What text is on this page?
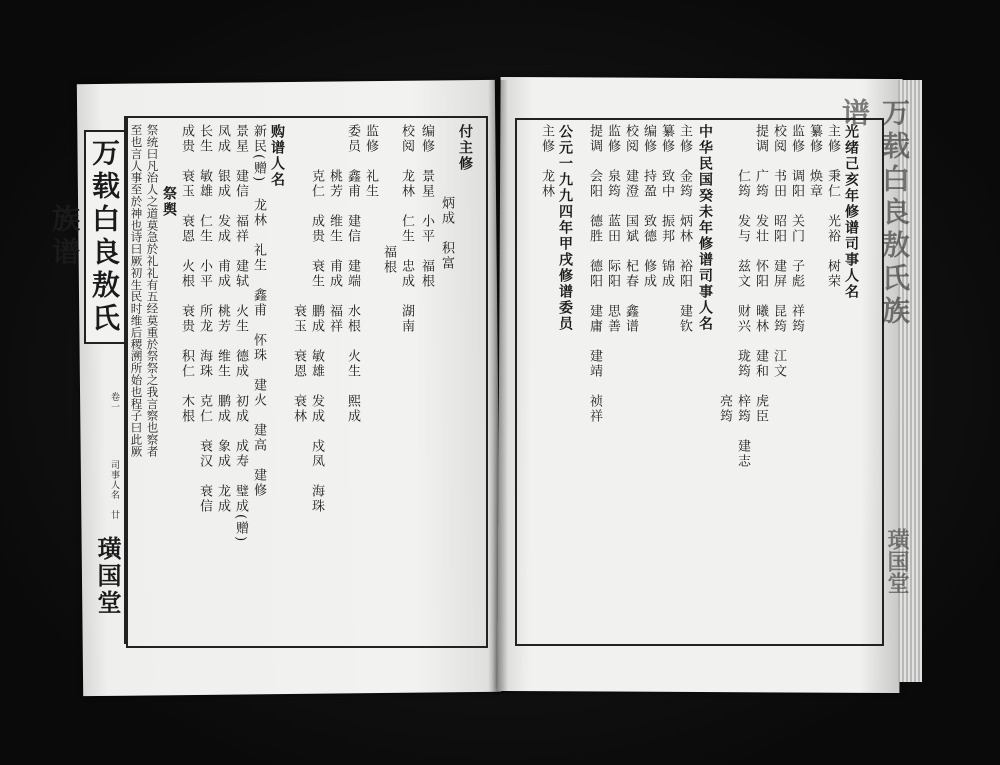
万载白良敖氏族谱	万载白良敖氏族谱
璜国堂	璜国堂
卷一
司事人名
廿
付主修
炳成　积富
编修　景星　小平　福根
校阅　龙林　仁生　忠成　湖南
　　　福根
监修　礼生
委员　鑫甫　建信　建端　水根　火生　熙成
　　　桃芳　维生　甫成　福祥
　　　克仁　成贵　衰生　鹏成　敏雄　发成　戍凤　海珠
　　　　　　　　　　　　衰玉　衰恩　衰林
购谱人名
新民(赠)　龙林　礼生　鑫甫　怀珠　建火　建高　建修
景星　建信　福祥　建轼　火生　德成　初成　成寿　璧成(赠)
凤成　银成　发成　甫成　桃芳　维生　鹏成　象成　龙成
长生　敏雄　仁生　小平　所龙　海珠　克仁　衰汉　衰信
成贵　衰玉　衰恩　火根　衰贵　积仁　木根
祭舆
祭统曰凡治人之道莫急於礼礼有五经莫重於祭祭之我言察也察者
至也言人事至於神也诗曰厥初生民时维后稷溯所始也程子曰此厥	光绪己亥年修谱司事人名
主修　秉仁　光裕　树荣
纂修　焕章
监修　调阳　关门　子彪　祥筠
校阅　书田　昭阳　建屏　昆筠　江文
提调　广筠　发壮　怀阳　曦林　建和　虎臣
　　　仁筠　发与　兹文　财兴　珑筠　梓筠　建志
　　　　　　　　　　　　　　　　　　亮筠
中华民国癸未年修谱司事人名
主修　金筠　炳林　裕阳　建钦
纂修　致中　振邦　锦成
编修　持盈　致德　修成
校阅　建澄　国斌　杞春　鑫谱
监修　泉筠　蓝田　际阳　思善
提调　会阳　德胜　德阳　建庸　建靖　祯祥
公元一九九四年甲戌修谱委员
主修　龙林
